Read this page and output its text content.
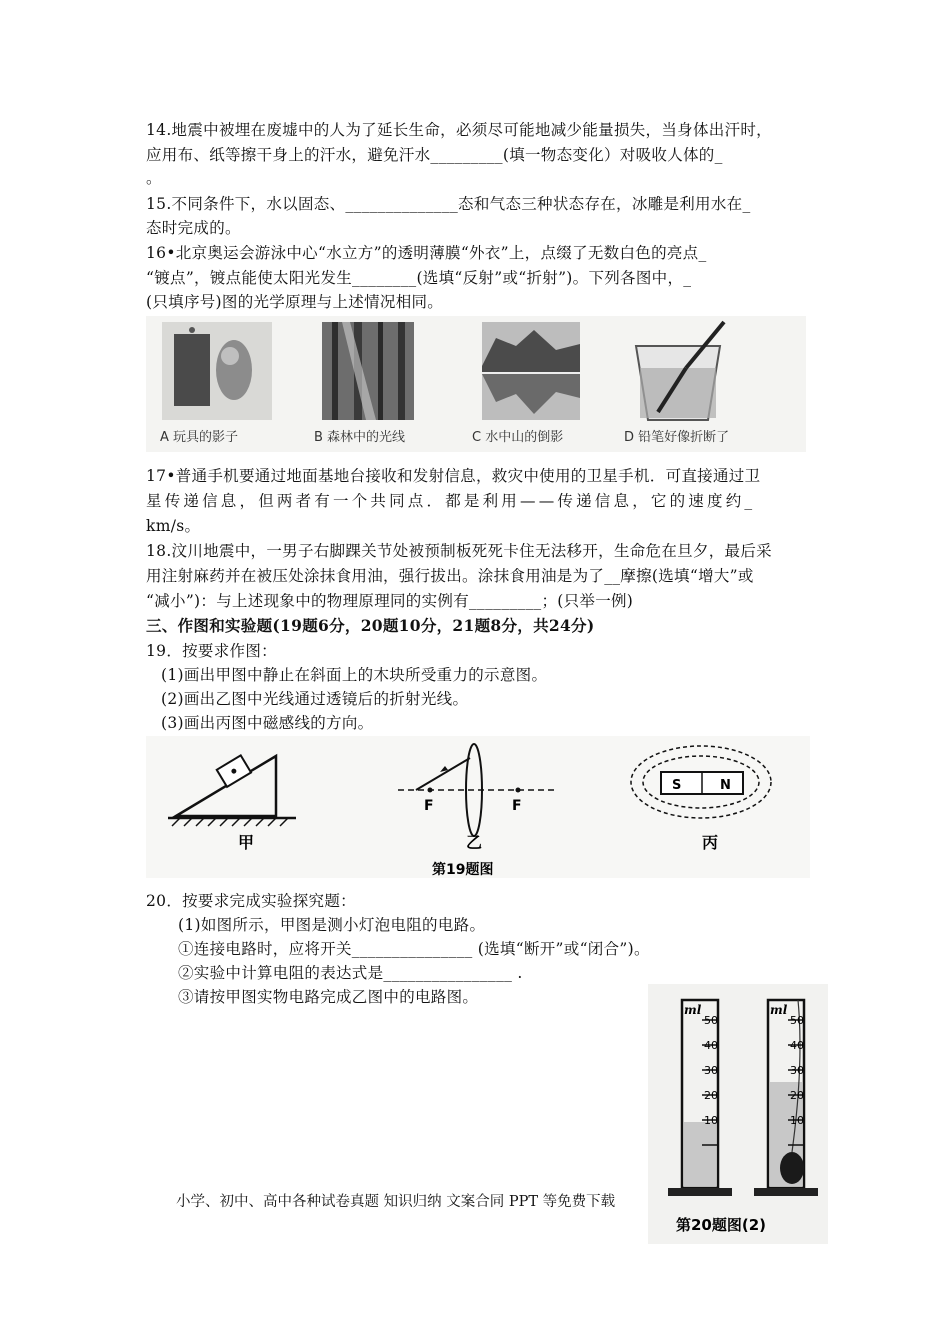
14.地震中被埋在废墟中的人为了延长生命，必须尽可能地减少能量损失，当身体出汗时，
应用布、纸等擦干身上的汗水，避免汗水_________(填一物态变化）对吸收人体的_
。
15.不同条件下，水以固态、______________态和气态三种状态存在，冰雕是利用水在_
态时完成的。
16•北京奥运会游泳中心“水立方”的透明薄膜“外衣”上，点缀了无数白色的亮点_
“镀点”，镀点能使太阳光发生________(选填“反射”或“折射”)。下列各图中，_
(只填序号)图的光学原理与上述情况相同。
A 玩具的影子	B 森林中的光线	C 水中山的倒影	D 铅笔好像折断了
17•普通手机要通过地面基地台接收和发射信息，救灾中使用的卫星手机．可直接通过卫
星传递信息，但两者有一个共同点．都是利用——传递信息，它的速度约_
km/s。
18.汶川地震中，一男子右脚踝关节处被预制板死死卡住无法移开，生命危在旦夕，最后采
用注射麻药并在被压处涂抹食用油，强行拔出。涂抹食用油是为了__摩擦(选填“增大”或
“减小”)：与上述现象中的物理原理同的实例有_________；(只举一例)
三、作图和实验题(19题6分，20题10分，21题8分，共24分)
19．按要求作图：
(1)画出甲图中静止在斜面上的木块所受重力的示意图。
(2)画出乙图中光线通过透镜后的折射光线。
(3)画出丙图中磁感线的方向。
甲
F	F
乙
S	N
丙
第19题图
20．按要求完成实验探究题：
(1)如图所示，甲图是测小灯泡电阻的电路。
①连接电路时，应将开关_______________ (选填“断开”或“闭合”)。
②实验中计算电阻的表达式是________________ .
③请按甲图实物电路完成乙图中的电路图。
ml
50
40
30
20
10
ml
50
40
30
20
10
第20题图(2)
小学、初中、高中各种试卷真题 知识归纳 文案合同 PPT 等免费下载
